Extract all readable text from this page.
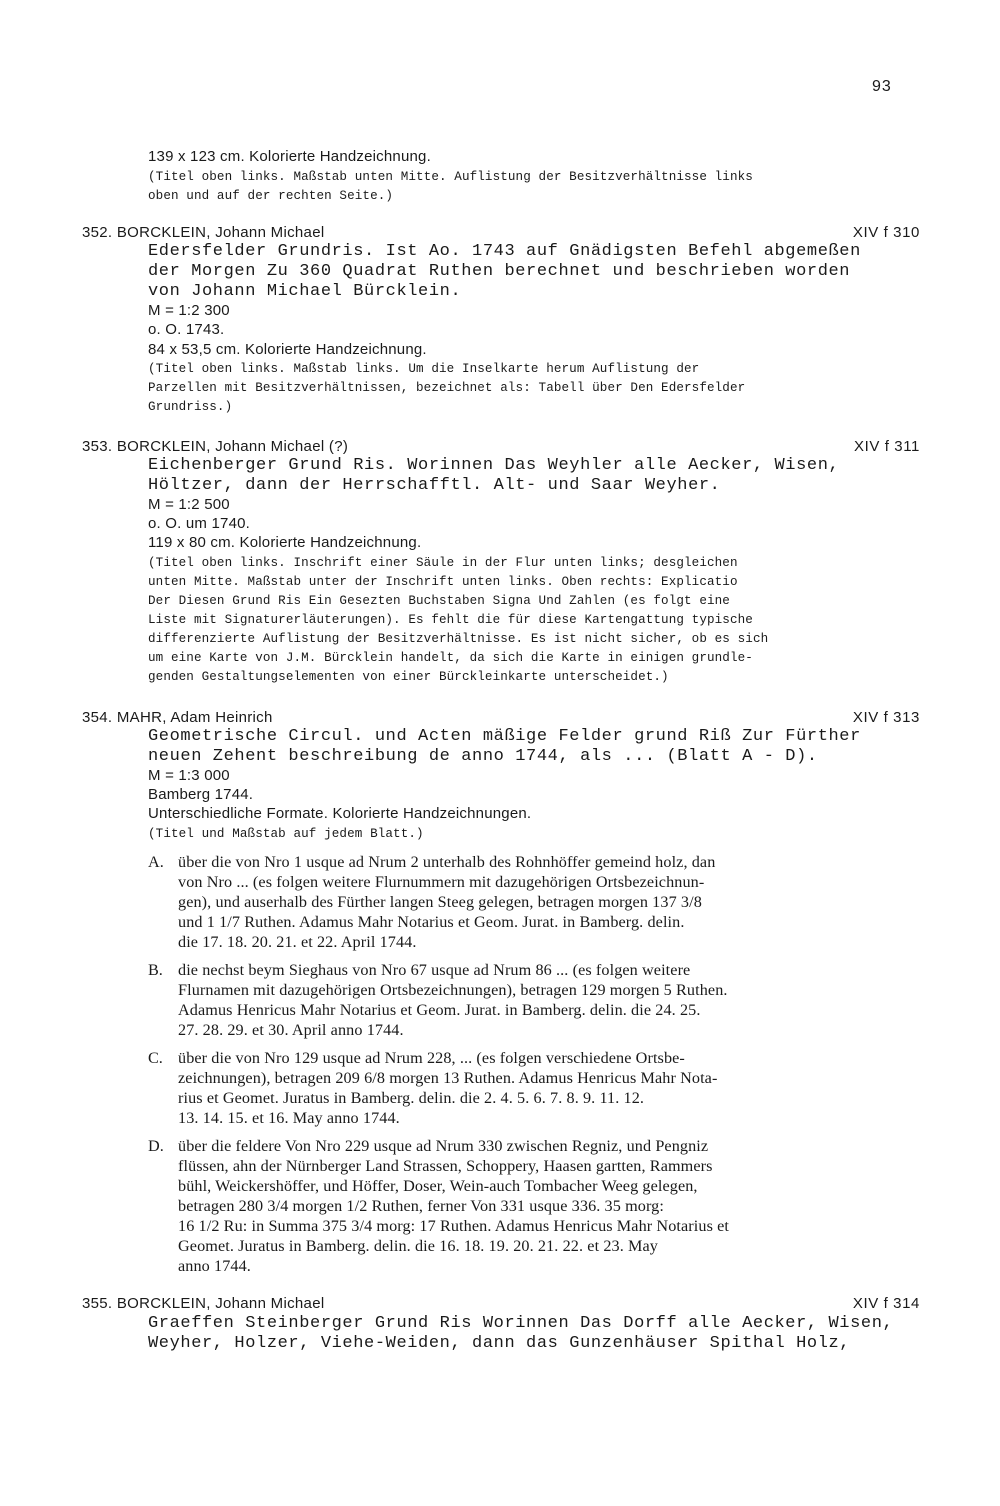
93
139 x 123 cm. Kolorierte Handzeichnung.
(Titel oben links. Maßstab unten Mitte. Auflistung der Besitzverhältnisse links
oben und auf der rechten Seite.)
352. BORCKLEIN, Johann Michael	XIV f 310
Edersfelder Grundris. Ist Ao. 1743 auf Gnädigsten Befehl abgemeßen
der Morgen Zu 360 Quadrat Ruthen berechnet und beschrieben worden
von Johann Michael Bürcklein.
M = 1:2 300
o. O. 1743.
84 x 53,5 cm. Kolorierte Handzeichnung.
(Titel oben links. Maßstab links. Um die Inselkarte herum Auflistung der
Parzellen mit Besitzverhältnissen, bezeichnet als: Tabell über Den Edersfelder
Grundriss.)
353. BORCKLEIN, Johann Michael (?)	XIV f 311
Eichenberger Grund Ris. Worinnen Das Weyhler alle Aecker, Wisen,
Höltzer, dann der Herrschafftl. Alt- und Saar Weyher.
M = 1:2 500
o. O. um 1740.
119 x 80 cm. Kolorierte Handzeichnung.
(Titel oben links. Inschrift einer Säule in der Flur unten links; desgleichen
unten Mitte. Maßstab unter der Inschrift unten links. Oben rechts: Explicatio
Der Diesen Grund Ris Ein Gesezten Buchstaben Signa Und Zahlen (es folgt eine
Liste mit Signaturerläuterungen). Es fehlt die für diese Kartengattung typische
differenzierte Auflistung der Besitzverhältnisse. Es ist nicht sicher, ob es sich
um eine Karte von J.M. Bürcklein handelt, da sich die Karte in einigen grundle-
genden Gestaltungselementen von einer Bürckleinkarte unterscheidet.)
354. MAHR, Adam Heinrich	XIV f 313
Geometrische Circul. und Acten mäßige Felder grund Riß Zur Fürther
neuen Zehent beschreibung de anno 1744, als ... (Blatt A - D).
M = 1:3 000
Bamberg 1744.
Unterschiedliche Formate. Kolorierte Handzeichnungen.
(Titel und Maßstab auf jedem Blatt.)
A. über die von Nro 1 usque ad Nrum 2 unterhalb des Rohnhöffer gemeind holz, dan
von Nro ... (es folgen weitere Flurnummern mit dazugehörigen Ortsbezeichnun-
gen), und auserhalb des Fürther langen Steeg gelegen, betragen morgen 137 3/8
und 1 1/7 Ruthen. Adamus Mahr Notarius et Geom. Jurat. in Bamberg. delin.
die 17. 18. 20. 21. et 22. April 1744.
B. die nechst beym Sieghaus von Nro 67 usque ad Nrum 86 ... (es folgen weitere
Flurnamen mit dazugehörigen Ortsbezeichnungen), betragen 129 morgen 5 Ruthen.
Adamus Henricus Mahr Notarius et Geom. Jurat. in Bamberg. delin. die 24. 25.
27. 28. 29. et 30. April anno 1744.
C. über die von Nro 129 usque ad Nrum 228, ... (es folgen verschiedene Ortsbe-
zeichnungen), betragen 209 6/8 morgen 13 Ruthen. Adamus Henricus Mahr Nota-
rius et Geomet. Juratus in Bamberg. delin. die 2. 4. 5. 6. 7. 8. 9. 11. 12.
13. 14. 15. et 16. May anno 1744.
D. über die feldere Von Nro 229 usque ad Nrum 330 zwischen Regniz, und Pengniz
flüssen, ahn der Nürnberger Land Strassen, Schoppery, Haasen gartten, Rammers
bühl, Weickershöffer, und Höffer, Doser, Wein-auch Tombacher Weeg gelegen,
betragen 280 3/4 morgen 1/2 Ruthen, ferner Von 331 usque 336. 35 morg:
16 1/2 Ru: in Summa 375 3/4 morg: 17 Ruthen. Adamus Henricus Mahr Notarius et
Geomet. Juratus in Bamberg. delin. die 16. 18. 19. 20. 21. 22. et 23. May
anno 1744.
355. BORCKLEIN, Johann Michael	XIV f 314
Graeffen Steinberger Grund Ris Worinnen Das Dorff alle Aecker, Wisen,
Weyher, Holzer, Viehe-Weiden, dann das Gunzenhäuser Spithal Holz,
